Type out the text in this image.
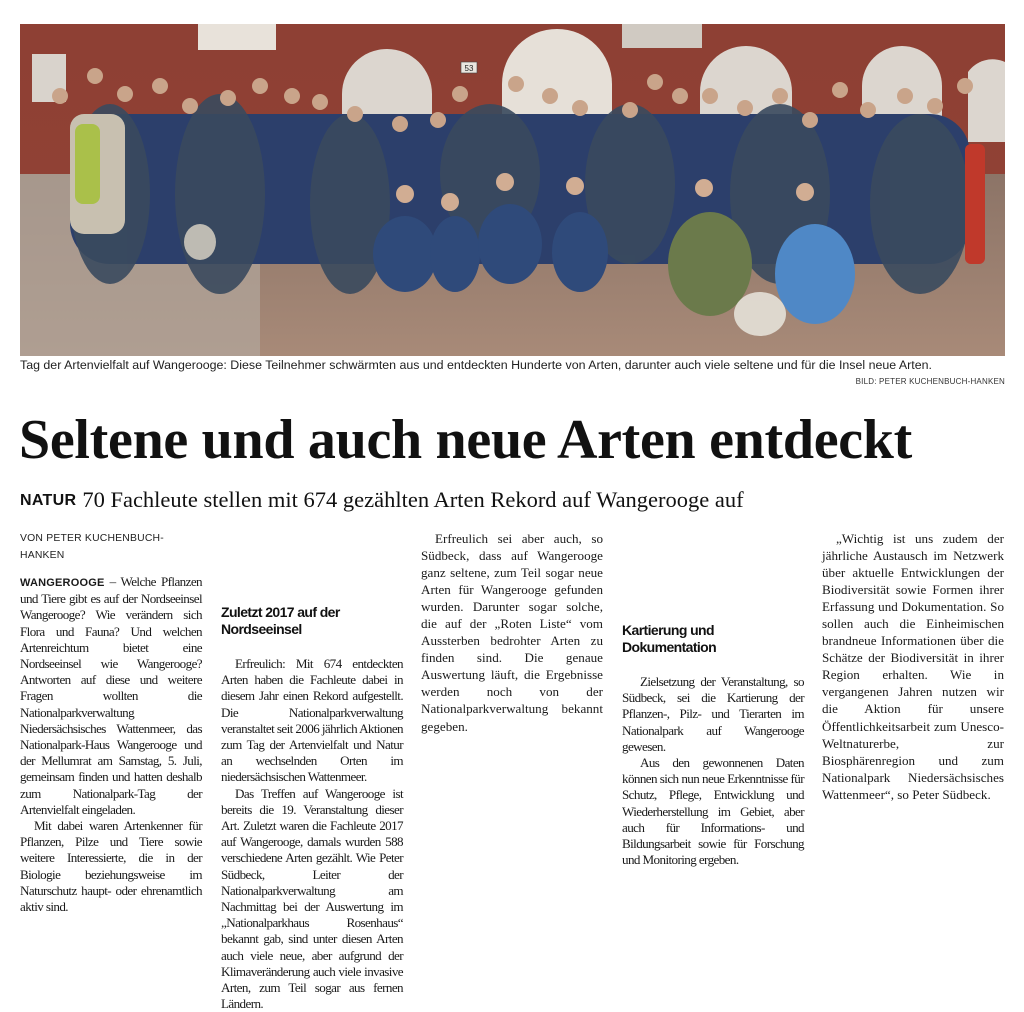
53
Tag der Artenvielfalt auf Wangerooge: Diese Teilnehmer schwärmten aus und entdeckten Hunderte von Arten, darunter auch viele seltene und für die Insel neue Arten.
BILD: PETER KUCHENBUCH-HANKEN
Seltene und auch neue Arten entdeckt
NATUR 70 Fachleute stellen mit 674 gezählten Arten Rekord auf Wangerooge auf
VON PETER KUCHENBUCH-HANKEN

WANGEROOGE – Welche Pflanzen und Tiere gibt es auf der Nordseeinsel Wangerooge? Wie verändern sich Flora und Fauna? Und welchen Artenreichtum bietet eine Nordseeinsel wie Wangerooge? Antworten auf diese und weitere Fragen wollten die Nationalparkverwaltung Niedersächsisches Wattenmeer, das Nationalpark-Haus Wangerooge und der Mellumrat am Samstag, 5. Juli, gemeinsam finden und hatten deshalb zum Nationalpark-Tag der Artenvielfalt eingeladen.

Mit dabei waren Artenkenner für Pflanzen, Pilze und Tiere sowie weitere Interessierte, die in der Biologie beziehungsweise im Naturschutz haupt- oder ehrenamtlich aktiv sind.

Zuletzt 2017 auf der Nordseeinsel

Erfreulich: Mit 674 entdeckten Arten haben die Fachleute dabei in diesem Jahr einen Rekord aufgestellt. Die Nationalparkverwaltung veranstaltet seit 2006 jährlich Aktionen zum Tag der Artenvielfalt und Natur an wechselnden Orten im niedersächsischen Wattenmeer.

Das Treffen auf Wangerooge ist bereits die 19. Veranstaltung dieser Art. Zuletzt waren die Fachleute 2017 auf Wangerooge, damals wurden 588 verschiedene Arten gezählt. Wie Peter Südbeck, Leiter der Nationalparkverwaltung am Nachmittag bei der Auswertung im „Nationalparkhaus Rosenhaus“ bekannt gab, sind unter diesen Arten auch viele neue, aber aufgrund der Klimaveränderung auch viele invasive Arten, zum Teil sogar aus fernen Ländern.

Erfreulich sei aber auch, so Südbeck, dass auf Wangerooge ganz seltene, zum Teil sogar neue Arten für Wangerooge gefunden wurden. Darunter sogar solche, die auf der „Roten Liste“ vom Aussterben bedrohter Arten zu finden sind. Die genaue Auswertung läuft, die Ergebnisse werden noch von der Nationalparkverwaltung bekannt gegeben.

Kartierung und Dokumentation

Zielsetzung der Veranstaltung, so Südbeck, sei die Kartierung der Pflanzen-, Pilz- und Tierarten im Nationalpark auf Wangerooge gewesen.

Aus den gewonnenen Daten können sich nun neue Erkenntnisse für Schutz, Pflege, Entwicklung und Wiederherstellung im Gebiet, aber auch für Informations- und Bildungsarbeit sowie für Forschung und Monitoring ergeben.

„Wichtig ist uns zudem der jährliche Austausch im Netzwerk über aktuelle Entwicklungen der Biodiversität sowie Formen ihrer Erfassung und Dokumentation. So sollen auch die Einheimischen brandneue Informationen über die Schätze der Biodiversität in ihrer Region erhalten. Wie in vergangenen Jahren nutzen wir die Aktion für unsere Öffentlichkeitsarbeit zum Unesco-Weltnaturerbe, zur Biosphärenregion und zum Nationalpark Niedersächsisches Wattenmeer“, so Peter Südbeck.
